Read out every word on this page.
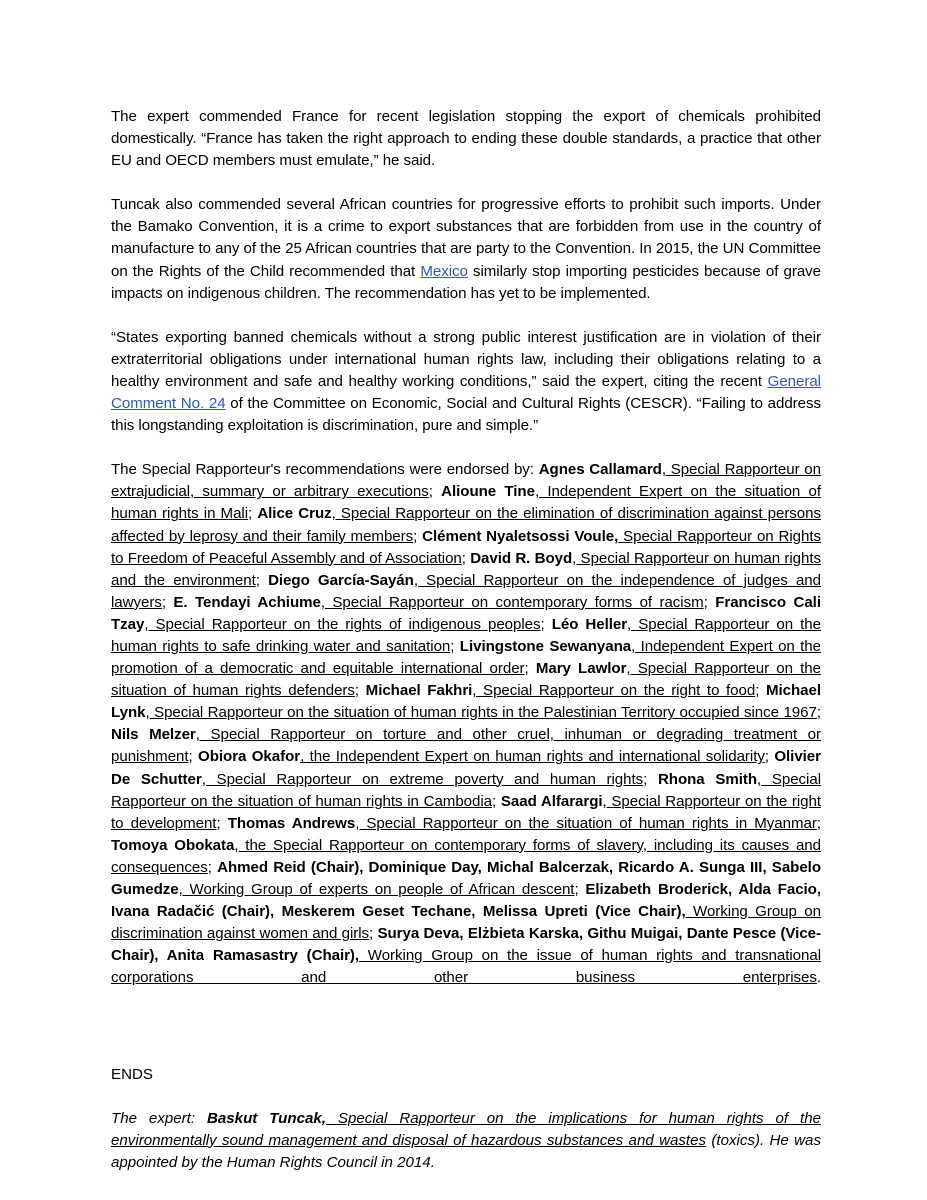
The expert commended France for recent legislation stopping the export of chemicals prohibited domestically. “France has taken the right approach to ending these double standards, a practice that other EU and OECD members must emulate,” he said.

Tuncak also commended several African countries for progressive efforts to prohibit such imports. Under the Bamako Convention, it is a crime to export substances that are forbidden from use in the country of manufacture to any of the 25 African countries that are party to the Convention. In 2015, the UN Committee on the Rights of the Child recommended that Mexico similarly stop importing pesticides because of grave impacts on indigenous children. The recommendation has yet to be implemented.

“States exporting banned chemicals without a strong public interest justification are in violation of their extraterritorial obligations under international human rights law, including their obligations relating to a healthy environment and safe and healthy working conditions,” said the expert, citing the recent General Comment No. 24 of the Committee on Economic, Social and Cultural Rights (CESCR). “Failing to address this longstanding exploitation is discrimination, pure and simple.”

The Special Rapporteur's recommendations were endorsed by: Agnes Callamard, Special Rapporteur on extrajudicial, summary or arbitrary executions; Alioune Tine, Independent Expert on the situation of human rights in Mali; Alice Cruz, Special Rapporteur on the elimination of discrimination against persons affected by leprosy and their family members; Clément Nyaletsossi Voule, Special Rapporteur on Rights to Freedom of Peaceful Assembly and of Association; David R. Boyd, Special Rapporteur on human rights and the environment; Diego García-Sayán, Special Rapporteur on the independence of judges and lawyers; E. Tendayi Achiume, Special Rapporteur on contemporary forms of racism; Francisco Cali Tzay, Special Rapporteur on the rights of indigenous peoples; Léo Heller, Special Rapporteur on the human rights to safe drinking water and sanitation; Livingstone Sewanyana, Independent Expert on the promotion of a democratic and equitable international order; Mary Lawlor, Special Rapporteur on the situation of human rights defenders; Michael Fakhri, Special Rapporteur on the right to food; Michael Lynk, Special Rapporteur on the situation of human rights in the Palestinian Territory occupied since 1967; Nils Melzer, Special Rapporteur on torture and other cruel, inhuman or degrading treatment or punishment; Obiora Okafor, the Independent Expert on human rights and international solidarity; Olivier De Schutter, Special Rapporteur on extreme poverty and human rights; Rhona Smith, Special Rapporteur on the situation of human rights in Cambodia; Saad Alfarargi, Special Rapporteur on the right to development; Thomas Andrews, Special Rapporteur on the situation of human rights in Myanmar; Tomoya Obokata, the Special Rapporteur on contemporary forms of slavery, including its causes and consequences; Ahmed Reid (Chair), Dominique Day, Michal Balcerzak, Ricardo A. Sunga III, Sabelo Gumedze, Working Group of experts on people of African descent; Elizabeth Broderick, Alda Facio, Ivana Radačić (Chair), Meskerem Geset Techane, Melissa Upreti (Vice Chair), Working Group on discrimination against women and girls; Surya Deva, Elżbieta Karska, Githu Muigai, Dante Pesce (Vice-Chair), Anita Ramasastry (Chair), Working Group on the issue of human rights and transnational corporations and other business enterprises.

ENDS

The expert: Baskut Tuncak, Special Rapporteur on the implications for human rights of the environmentally sound management and disposal of hazardous substances and wastes (toxics). He was appointed by the Human Rights Council in 2014.
